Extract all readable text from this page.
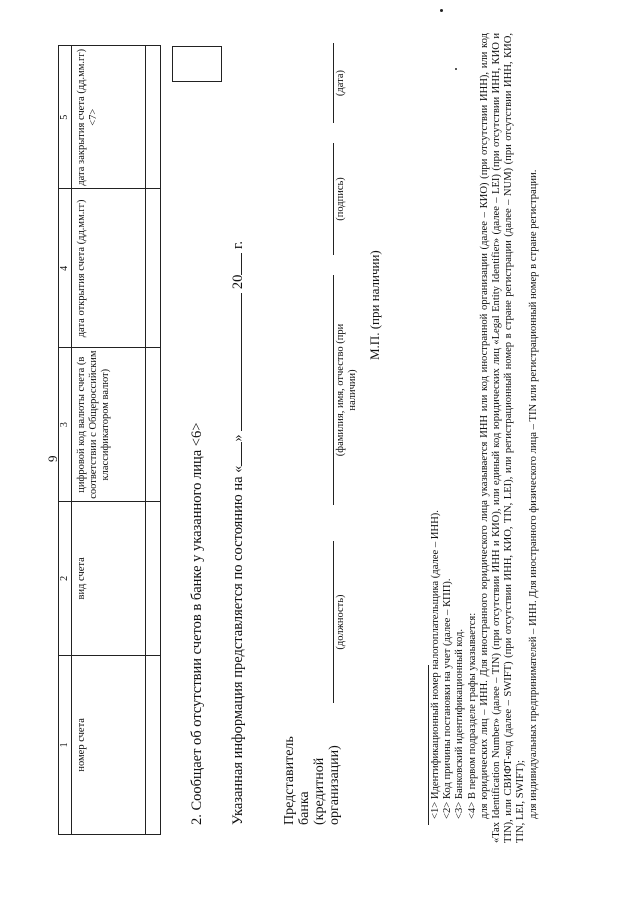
9
1	2	3	4	5
номер счета	вид счета	цифровой код валюты счета (в соответствии с Общероссийским классификатором валют)	дата открытия счета (дд.мм.гг)	дата закрытия счета (дд.мм.гг) <7>

2. Сообщает об отсутствии счетов в банке у указанного лица <6> Указанная информация представляется по состоянию на «»  20 г.
Представитель банка (кредитной организации)
(должность)
(фамилия, имя, отчество (при наличии)
(подпись)
(дата)
М.П. (при наличии)

<1> Идентификационный номер налогоплательщика (далее – ИНН). <2> Код причины постановки на учет (далее – КПП). <3> Банковский идентификационный код. <4> В первом подразделе графы указывается: для юридических лиц – ИНН. Для иностранного юридического лица указывается ИНН или код иностранной организации (далее – КИО) (при отсутствии ИНН), или код «Tax Identification Number» (далее – TIN) (при отсутствии ИНН и КИО), или единый код юридических лиц «Legal Entity Identifier» (далее – LEI) (при отсутствии ИНН, КИО и TIN), или СВИФТ-код (далее – SWIFT) (при отсутствии ИНН, КИО, TIN, LEI), или регистрационный номер в стране регистрации (далее – NUM) (при отсутствии ИНН, КИО, TIN, LEI, SWIFT); для индивидуальных предпринимателей – ИНН. Для иностранного физического лица – TIN или регистрационный номер в стране регистрации.
